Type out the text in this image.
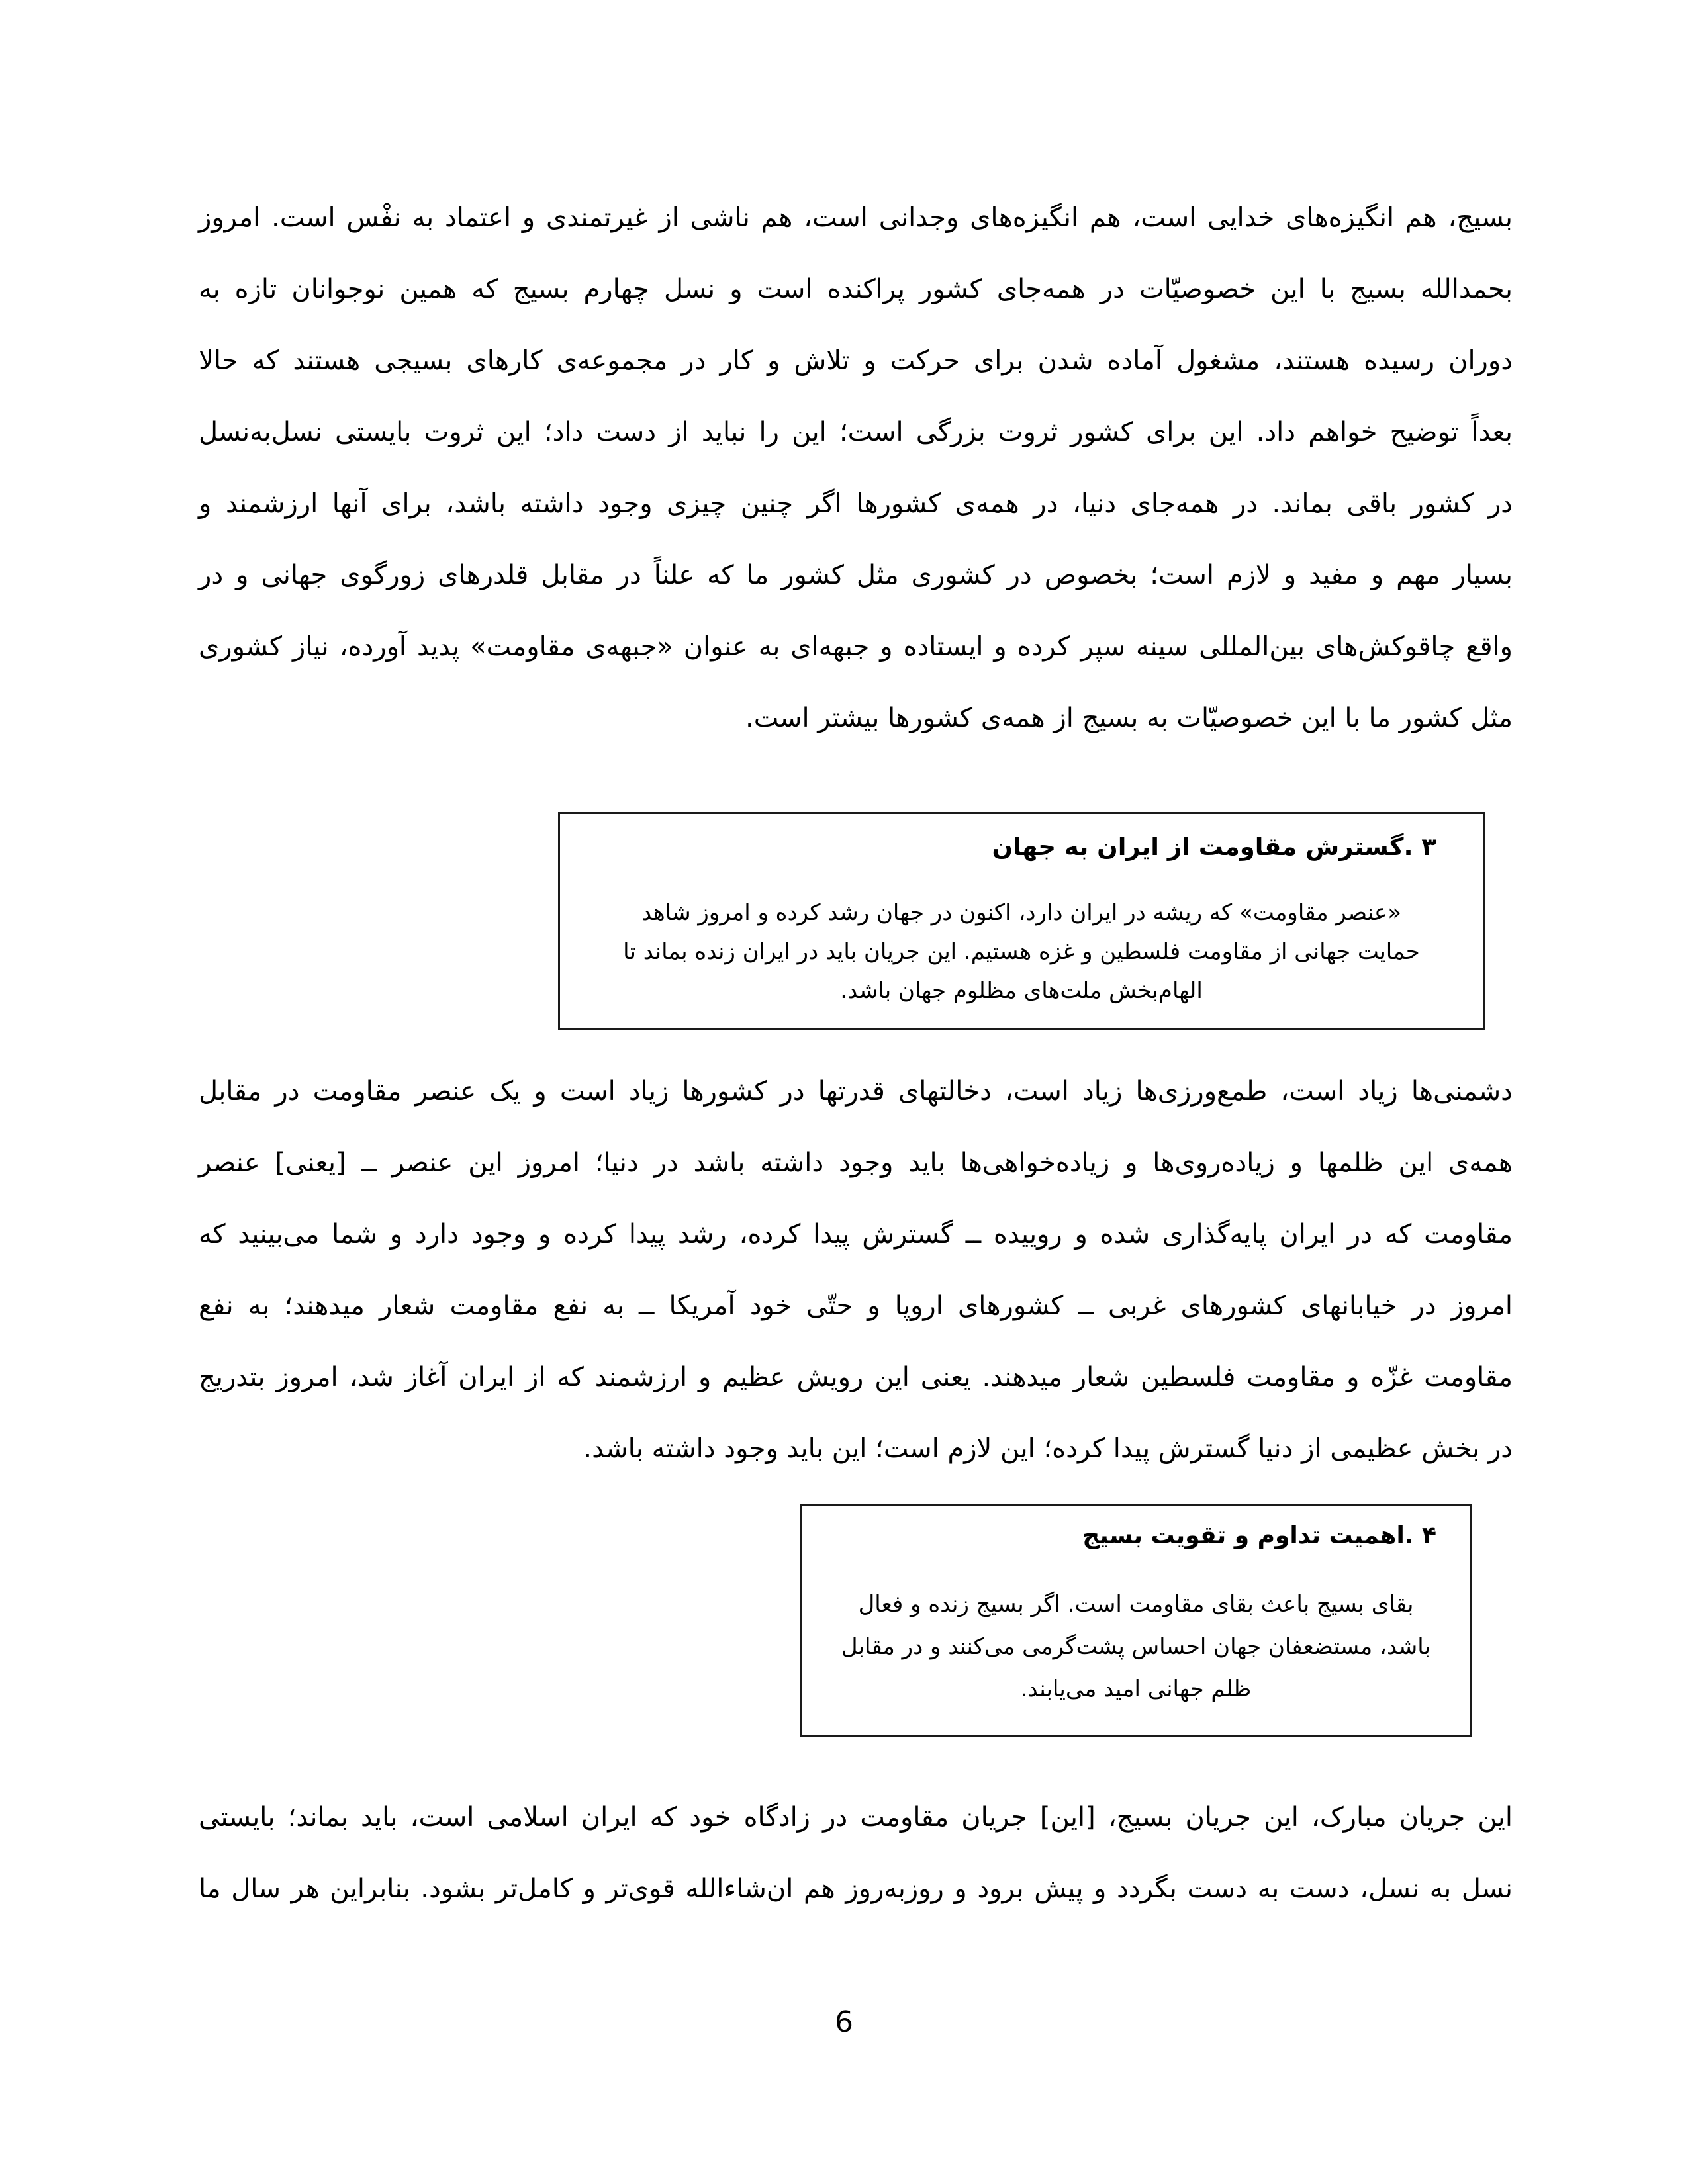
بسیج، هم انگیزه‌های خدایی است، هم انگیزه‌های وجدانی است، هم ناشی از غیرتمندی و اعتماد به نفْس است. امروز
بحمدالله بسیج با این خصوصیّات در همه‌جای کشور پراکنده است و نسل چهارم بسیج که همین نوجوانان تازه به
دوران رسیده هستند، مشغول آماده شدن برای حرکت و تلاش و کار در مجموعه‌ی کارهای بسیجی هستند که حالا
بعداً توضیح خواهم داد. این برای کشور ثروت بزرگی است؛ این را نباید از دست داد؛ این ثروت بایستی نسل‌به‌نسل
در کشور باقی بماند. در همه‌جای دنیا، در همه‌ی کشورها اگر چنین چیزی وجود داشته باشد، برای آنها ارزشمند و
بسیار مهم و مفید و لازم است؛ بخصوص در کشوری مثل کشور ما که علناً در مقابل قلدرهای زورگوی جهانی و در
واقع چاقوکش‌های بین‌المللی سینه سپر کرده و ایستاده و جبهه‌ای به عنوان «جبهه‌ی مقاومت» پدید آورده، نیاز کشوری
مثل کشور ما با این خصوصیّات به بسیج از همه‌ی کشورها بیشتر است.
۳ .گسترش مقاومت از ایران به جهان
«عنصر مقاومت» که ریشه در ایران دارد، اکنون در جهان رشد کرده و امروز شاهد
حمایت جهانی از مقاومت فلسطین و غزه هستیم. این جریان باید در ایران زنده بماند تا
الهام‌بخش ملت‌های مظلوم جهان باشد.
دشمنی‌ها زیاد است، طمع‌ورزی‌ها زیاد است، دخالتهای قدرتها در کشورها زیاد است و یک عنصر مقاومت در مقابل
همه‌ی این ظلمها و زیاده‌روی‌ها و زیاده‌خواهی‌ها باید وجود داشته باشد در دنیا؛ امروز این عنصر ــ [یعنی] عنصر
مقاومت که در ایران پایه‌گذاری شده و روییده ــ گسترش پیدا کرده، رشد پیدا کرده و وجود دارد و شما می‌بینید که
امروز در خیابانهای کشورهای غربی ــ کشورهای اروپا و حتّی خود آمریکا ــ به نفع مقاومت شعار میدهند؛ به نفع
مقاومت غزّه و مقاومت فلسطین شعار میدهند. یعنی این رویش عظیم و ارزشمند که از ایران آغاز شد، امروز بتدریج
در بخش عظیمی از دنیا گسترش پیدا کرده؛ این لازم است؛ این باید وجود داشته باشد.
۴ .اهمیت تداوم و تقویت بسیج
بقای بسیج باعث بقای مقاومت است. اگر بسیج زنده و فعال
باشد، مستضعفان جهان احساس پشت‌گرمی می‌کنند و در مقابل
ظلم جهانی امید می‌یابند.
این جریان مبارک، این جریان بسیج، [این] جریان مقاومت در زادگاه خود که ایران اسلامی است، باید بماند؛ بایستی
نسل به نسل، دست به دست بگردد و پیش برود و روزبه‌روز هم ان‌شاءالله قوی‌تر و کامل‌تر بشود. بنابراین هر سال ما
6
